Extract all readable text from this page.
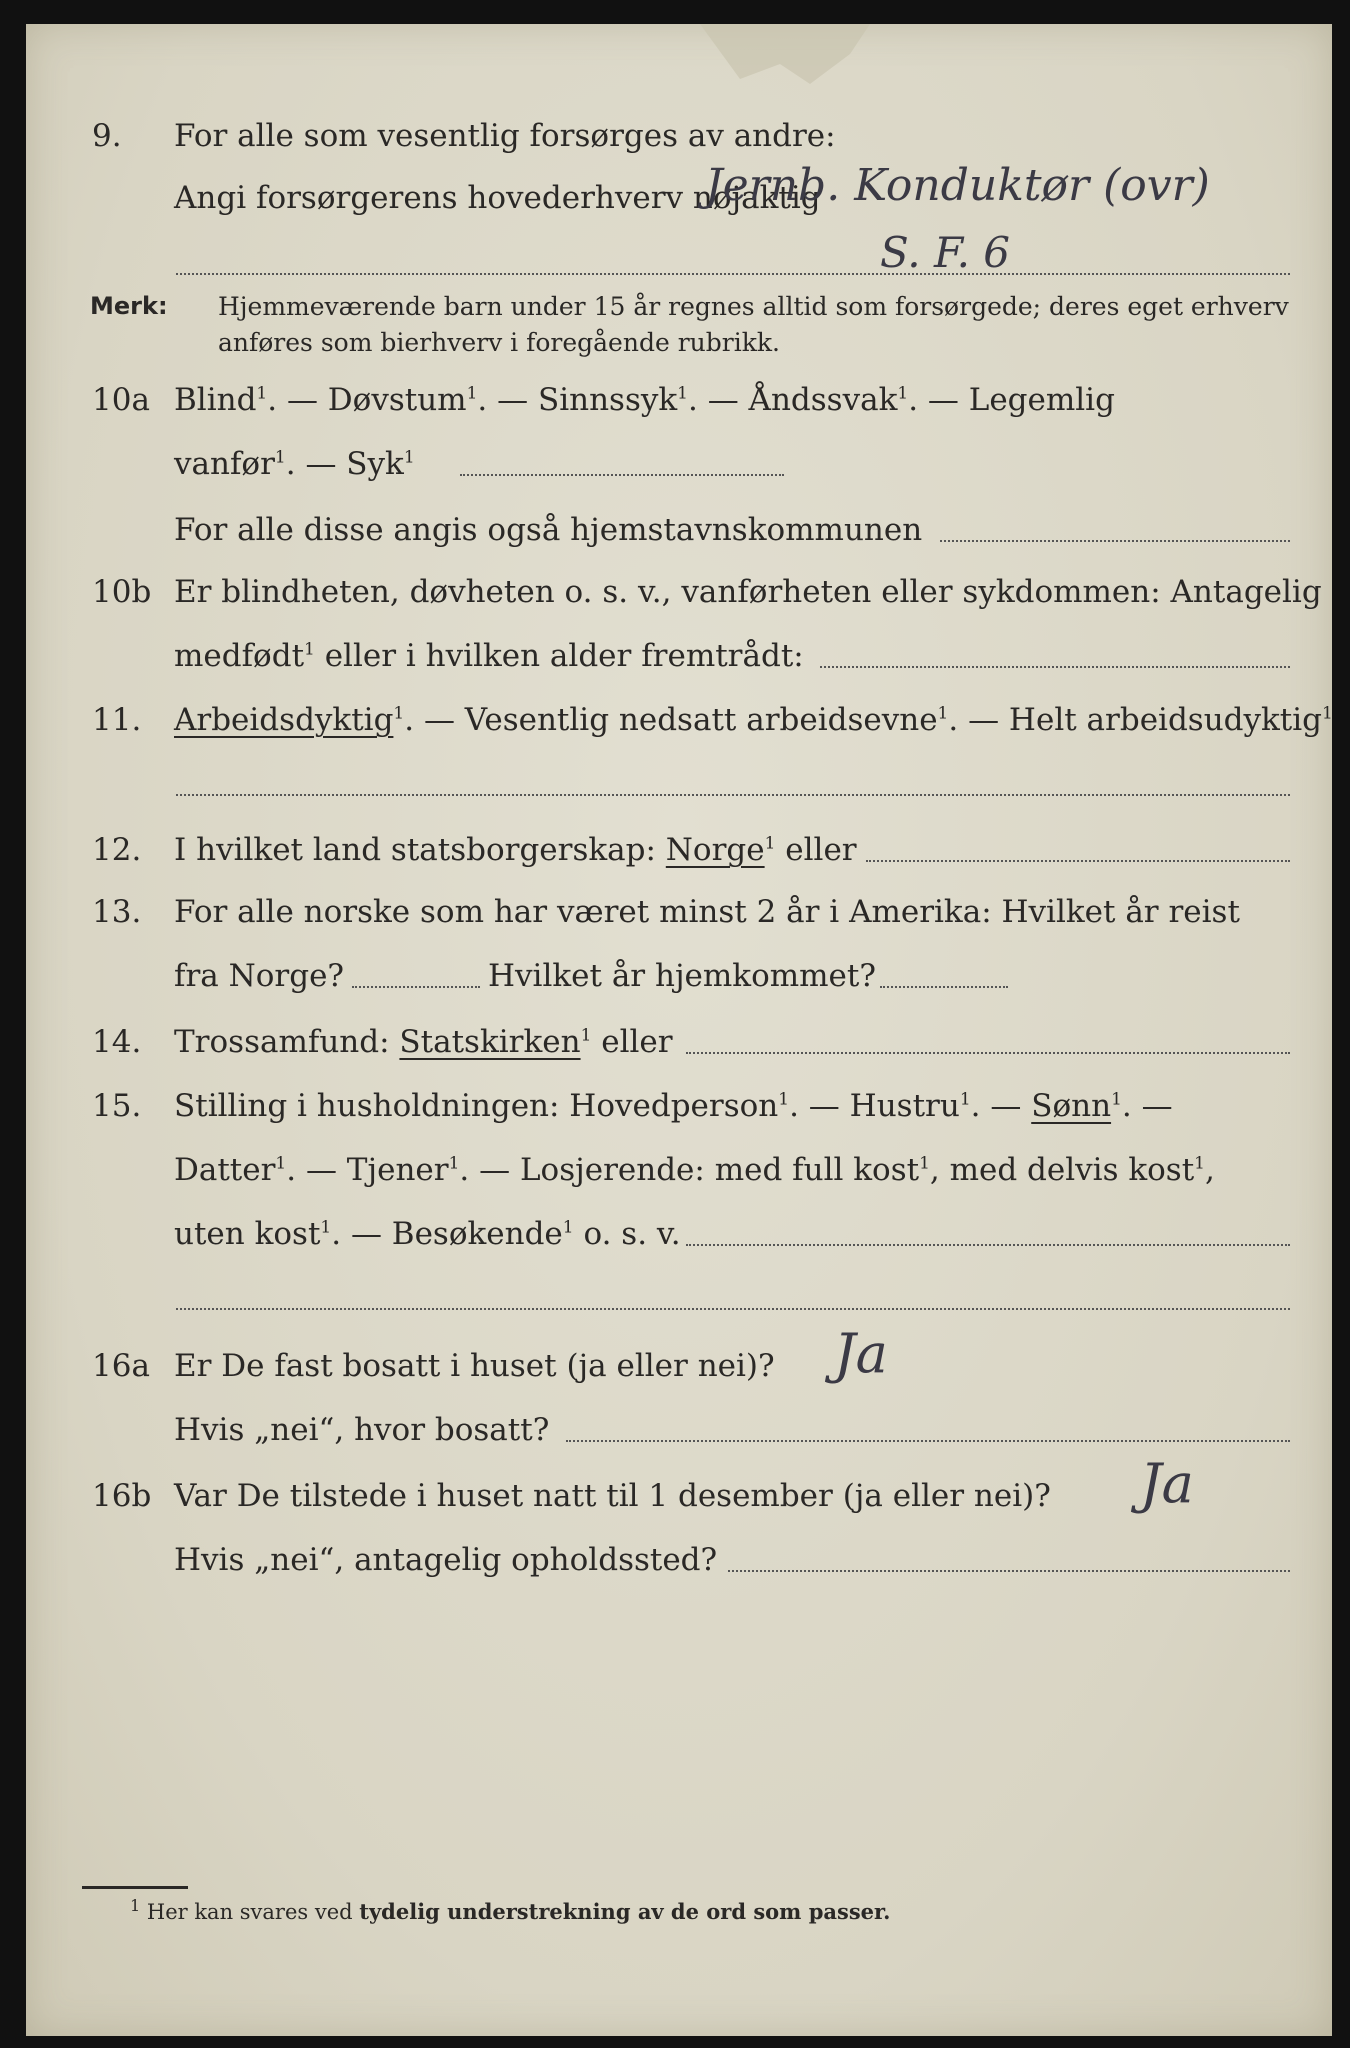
9. For alle som vesentlig forsørges av andre:
Angi forsørgerens hovederhverv nøjaktig
Jernb. Konduktør (ovr)
S. F. 6
Merk: Hjemmeværende barn under 15 år regnes alltid som forsørgede; deres eget erhverv
anføres som bierhverv i foregående rubrikk.
10a Blind$^1$. — Døvstum$^1$. — Sinnssyk$^1$. — Åndssvak$^1$. — Legemlig
vanfør$^1$. — Syk$^1$
For alle disse angis også hjemstavnskommunen
10b Er blindheten, døvheten o. s. v., vanførheten eller sykdommen: Antagelig
medfødt$^1$ eller i hvilken alder fremtrådt:
11. Arbeidsdyktig$^1$. — Vesentlig nedsatt arbeidsevne$^1$. — Helt arbeidsudyktig$^1$
12. I hvilket land statsborgerskap: Norge$^1$ eller
13. For alle norske som har været minst 2 år i Amerika: Hvilket år reist
fra Norge?	Hvilket år hjemkommet?
14. Trossamfund: Statskirken$^1$ eller
15. Stilling i husholdningen: Hovedperson$^1$. — Hustru$^1$. — Sønn$^1$. —
Datter$^1$. — Tjener$^1$. — Losjerende: med full kost$^1$, med delvis kost$^1$,
uten kost$^1$. — Besøkende$^1$ o. s. v.
16a Er De fast bosatt i huset (ja eller nei)? Ja
Hvis „nei“, hvor bosatt?
16b Var De tilstede i huset natt til 1 desember (ja eller nei)? Ja
Hvis „nei“, antagelig opholdssted?
$^1$ Her kan svares ved tydelig understrekning av de ord som passer.
